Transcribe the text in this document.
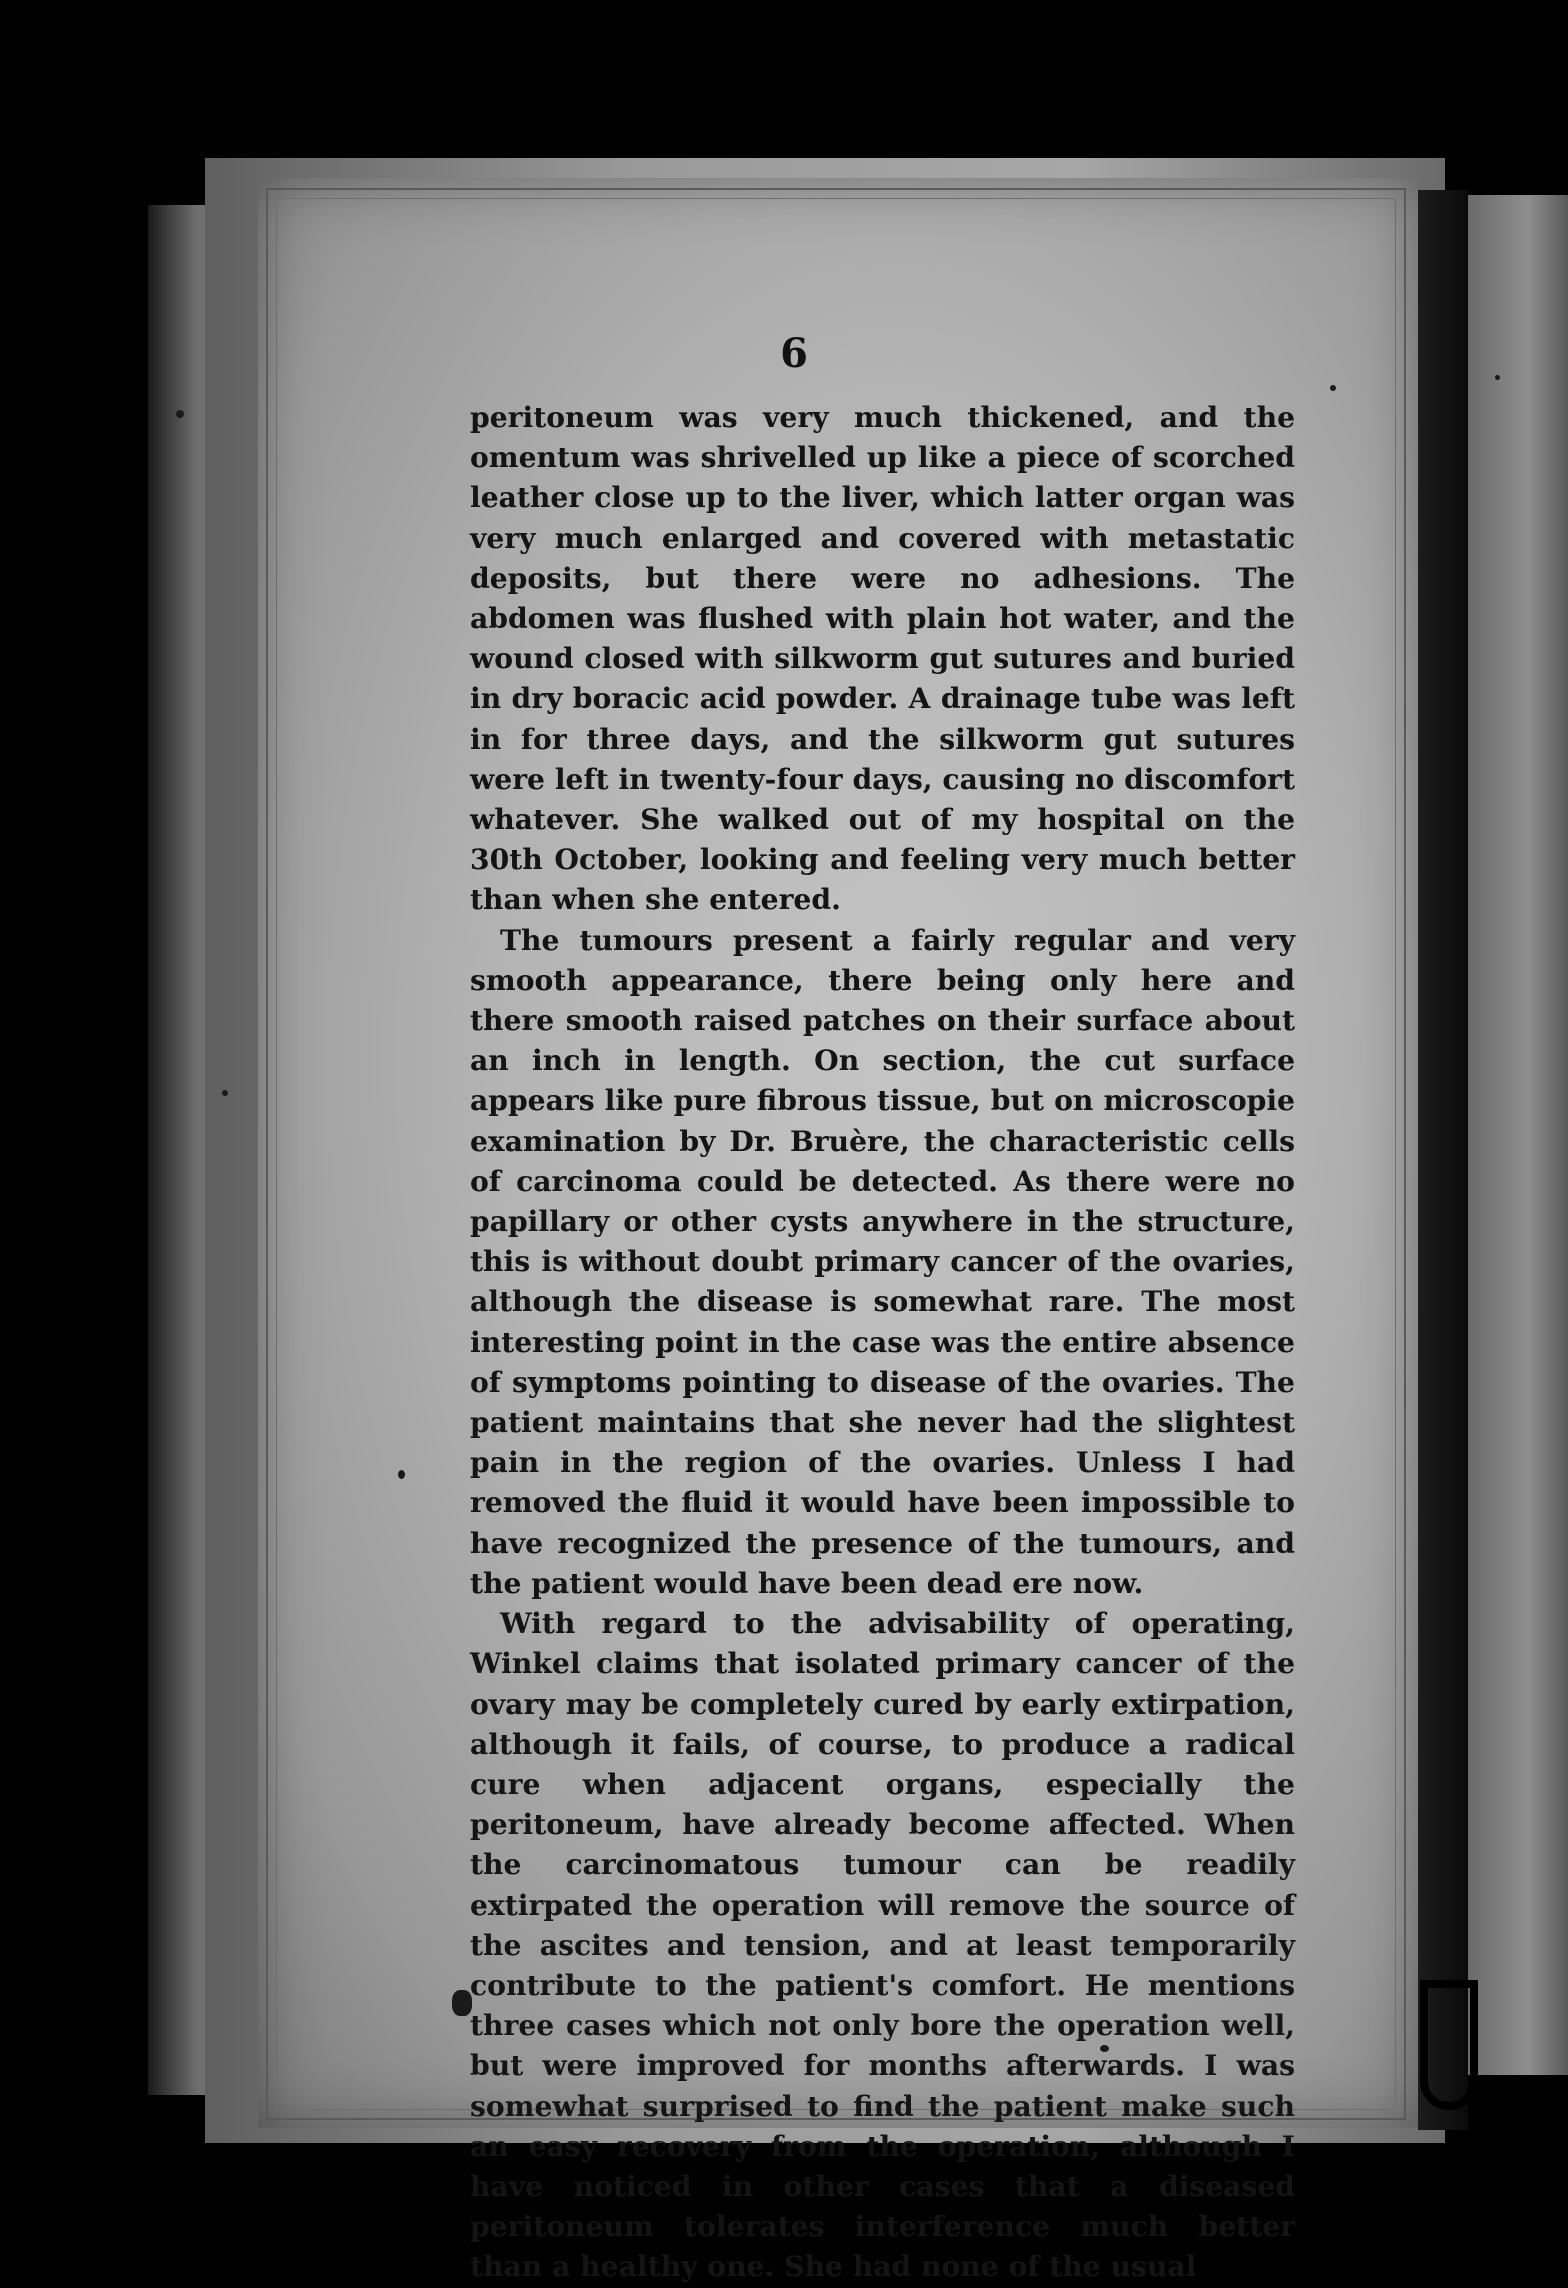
6

peritoneum was very much thickened, and the omentum was shrivelled up like a piece of scorched leather close up to the liver, which latter organ was very much enlarged and covered with metastatic deposits, but there were no adhesions. The abdomen was flushed with plain hot water, and the wound closed with silkworm gut sutures and buried in dry boracic acid powder. A drainage tube was left in for three days, and the silkworm gut sutures were left in twenty-four days, causing no discomfort whatever. She walked out of my hospital on the 30th October, looking and feeling very much better than when she entered.

The tumours present a fairly regular and very smooth appearance, there being only here and there smooth raised patches on their surface about an inch in length. On section, the cut surface appears like pure fibrous tissue, but on microscopie examination by Dr. Bruère, the characteristic cells of carcinoma could be detected. As there were no papillary or other cysts anywhere in the structure, this is without doubt primary cancer of the ovaries, although the disease is somewhat rare. The most interesting point in the case was the entire absence of symptoms pointing to disease of the ovaries. The patient maintains that she never had the slightest pain in the region of the ovaries. Unless I had removed the fluid it would have been impossible to have recognized the presence of the tumours, and the patient would have been dead ere now.

With regard to the advisability of operating, Winkel claims that isolated primary cancer of the ovary may be completely cured by early extirpation, although it fails, of course, to produce a radical cure when adjacent organs, especially the peritoneum, have already become affected. When the carcinomatous tumour can be readily extirpated the operation will remove the source of the ascites and tension, and at least temporarily contribute to the patient's comfort. He mentions three cases which not only bore the operation well, but were improved for months afterwards. I was somewhat surprised to find the patient make such an easy recovery from the operation, although I have noticed in other cases that a diseased peritoneum tolerates interference much better than a healthy one. She had none of the usual
